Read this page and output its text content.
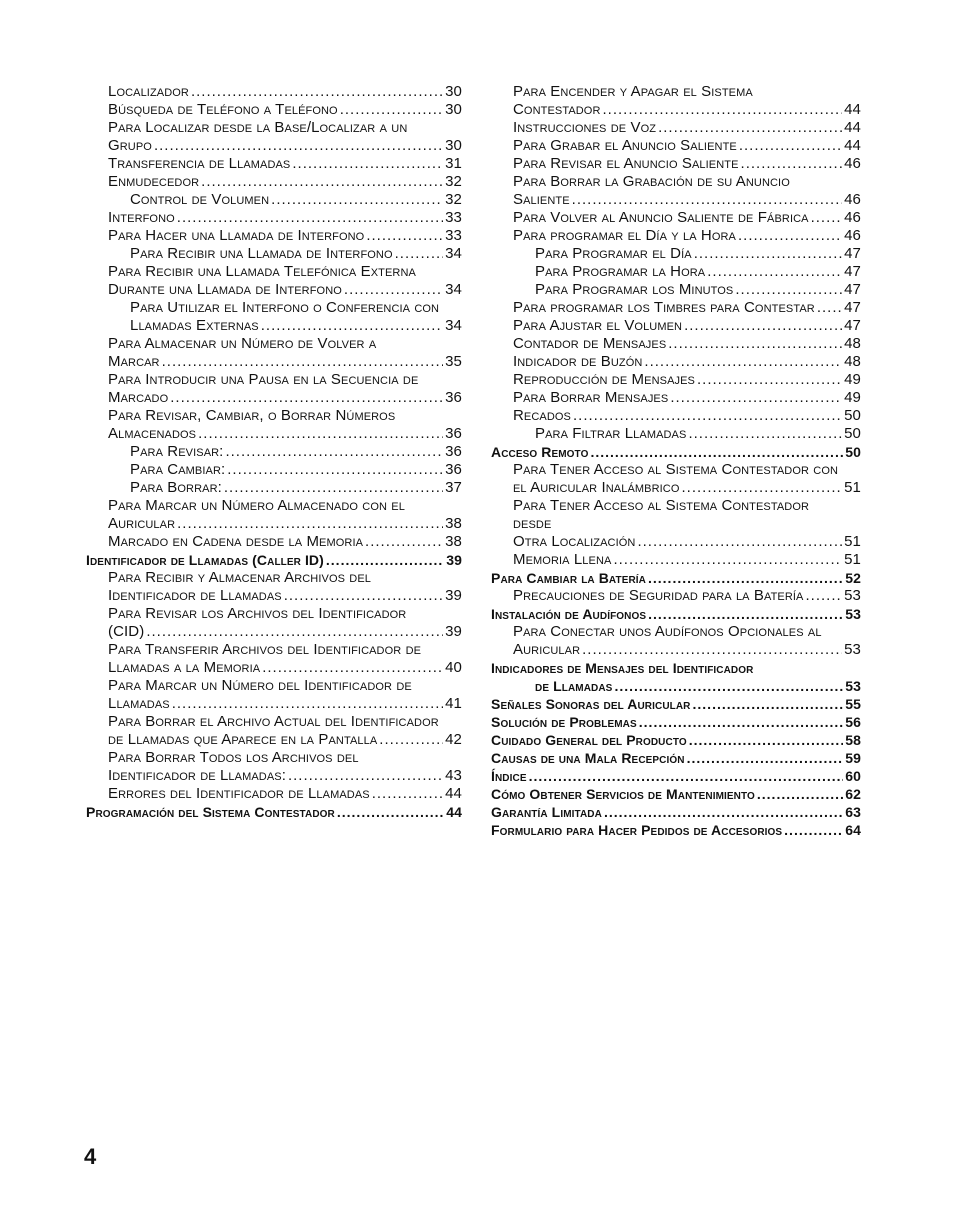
Localizador .....	30
Búsqueda de Teléfono a Teléfono .....	30
Para Localizar desde la Base/Localizar a un
Grupo .....	30
Transferencia de Llamadas .....	31
Enmudecedor .....	32
Control de Volumen .....	32
Interfono .....	33
Para Hacer una Llamada de Interfono .....	33
Para Recibir una Llamada de Interfono .....	34
Para Recibir una Llamada Telefónica Externa
Durante una Llamada de Interfono .....	34
Para Utilizar el Interfono o Conferencia con
Llamadas Externas .....	34
Para Almacenar un Número de Volver a
Marcar .....	35
Para Introducir una Pausa en la Secuencia de
Marcado .....	36
Para Revisar, Cambiar, o Borrar Números
Almacenados .....	36
Para Revisar: .....	36
Para Cambiar: .....	36
Para Borrar: .....	37
Para Marcar un Número Almacenado con el
Auricular .....	38
Marcado en Cadena desde la Memoria .....	38
Identificador de Llamadas (Caller ID) .....	39
Para Recibir y Almacenar Archivos del
Identificador de Llamadas .....	39
Para Revisar los Archivos del Identificador
(CID) .....	39
Para Transferir Archivos del Identificador de
Llamadas a la Memoria .....	40
Para Marcar un Número del Identificador de
Llamadas .....	41
Para Borrar el Archivo Actual del Identificador
de Llamadas que Aparece en la Pantalla .....	42
Para Borrar Todos los Archivos del
Identificador de Llamadas: .....	43
Errores del Identificador de Llamadas .....	44
Programación del Sistema Contestador .....	44
Para Encender y Apagar el Sistema
Contestador .....	44
Instrucciones de Voz .....	44
Para Grabar el Anuncio Saliente .....	44
Para Revisar el Anuncio Saliente .....	46
Para Borrar la Grabación de su Anuncio
Saliente .....	46
Para Volver al Anuncio Saliente de Fábrica ..... 46
Para programar el Día y la Hora .....	46
Para Programar el Día .....	47
Para Programar la Hora .....	47
Para Programar los Minutos .....	47
Para programar los Timbres para Contestar ..... 47
Para Ajustar el Volumen .....	47
Contador de Mensajes .....	48
Indicador de Buzón .....	48
Reproducción de Mensajes .....	49
Para Borrar Mensajes .....	49
Recados .....	50
Para Filtrar Llamadas .....	50
Acceso Remoto .....	50
Para Tener Acceso al Sistema Contestador con
el Auricular Inalámbrico .....	51
Para Tener Acceso al Sistema Contestador
desde
Otra Localización .....	51
Memoria Llena .....	51
Para Cambiar la Batería .....	52
Precauciones de Seguridad para la Batería .....	53
Instalación de Audífonos .....	53
Para Conectar unos Audífonos Opcionales al
Auricular .....	53
Indicadores de Mensajes del Identificador
de Llamadas .....	53
Señales Sonoras del Auricular .....	55
Solución de Problemas .....	56
Cuidado General del Producto .....	58
Causas de una Mala Recepción .....	59
Índice .....	60
Cómo Obtener Servicios de Mantenimiento .....	62
Garantía Limitada .....	63
Formulario para Hacer Pedidos de Accesorios .....	64
4
